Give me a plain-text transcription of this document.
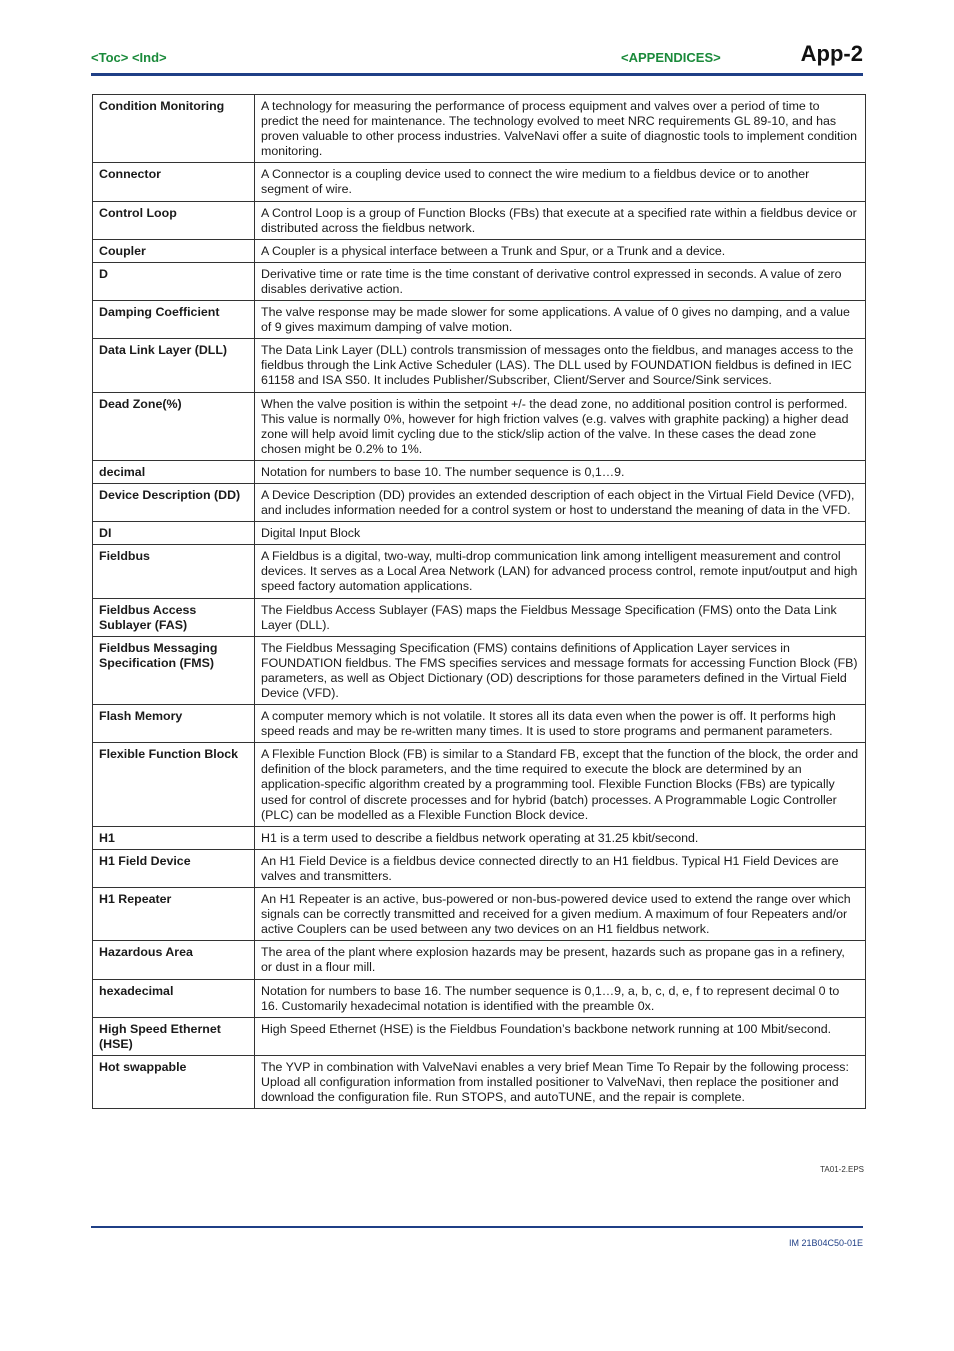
<Toc> <Ind>	<APPENDICES>	App-2
Condition Monitoring	A technology for measuring the performance of process equipment and valves over a period of time to predict the need for maintenance. The technology evolved to meet NRC requirements GL 89-10, and has proven valuable to other process industries. ValveNavi offer a suite of diagnostic tools to implement condition monitoring.
Connector	A Connector is a coupling device used to connect the wire medium to a fieldbus device or to another segment of wire.
Control Loop	A Control Loop is a group of Function Blocks (FBs) that execute at a specified rate within a fieldbus device or distributed across the fieldbus network.
Coupler	A Coupler is a physical interface between a Trunk and Spur, or a Trunk and a device.
D	Derivative time or rate time is the time constant of derivative control expressed in seconds. A value of zero disables derivative action.
Damping Coefficient	The valve response may be made slower for some applications. A value of 0 gives no damping, and a value of 9 gives maximum damping of valve motion.
Data Link Layer (DLL)	The Data Link Layer (DLL) controls transmission of messages onto the fieldbus, and manages access to the fieldbus through the Link Active Scheduler (LAS). The DLL used by FOUNDATION fieldbus is defined in IEC 61158 and ISA S50. It includes Publisher/Subscriber, Client/Server and Source/Sink services.
Dead Zone(%)	When the valve position is within the setpoint +/- the dead zone, no additional position control is performed. This value is normally 0%, however for high friction valves (e.g. valves with graphite packing) a higher dead zone will help avoid limit cycling due to the stick/slip action of the valve. In these cases the dead zone chosen might be 0.2% to 1%.
decimal	Notation for numbers to base 10. The number sequence is 0,1…9.
Device Description (DD)	A Device Description (DD) provides an extended description of each object in the Virtual Field Device (VFD), and includes information needed for a control system or host to understand the meaning of data in the VFD.
DI	Digital Input Block
Fieldbus	A Fieldbus is a digital, two-way, multi-drop communication link among intelligent measurement and control devices. It serves as a Local Area Network (LAN) for advanced process control, remote input/output and high speed factory automation applications.
Fieldbus Access Sublayer (FAS)	The Fieldbus Access Sublayer (FAS) maps the Fieldbus Message Specification (FMS) onto the Data Link Layer (DLL).
Fieldbus Messaging Specification (FMS)	The Fieldbus Messaging Specification (FMS) contains definitions of Application Layer services in FOUNDATION fieldbus. The FMS specifies services and message formats for accessing Function Block (FB) parameters, as well as Object Dictionary (OD) descriptions for those parameters defined in the Virtual Field Device (VFD).
Flash Memory	A computer memory which is not volatile. It stores all its data even when the power is off. It performs high speed reads and may be re-written many times. It is used to store programs and permanent parameters.
Flexible Function Block	A Flexible Function Block (FB) is similar to a Standard FB, except that the function of the block, the order and definition of the block parameters, and the time required to execute the block are determined by an application-specific algorithm created by a programming tool. Flexible Function Blocks (FBs) are typically used for control of discrete processes and for hybrid (batch) processes. A Programmable Logic Controller (PLC) can be modelled as a Flexible Function Block device.
H1	H1 is a term used to describe a fieldbus network operating at 31.25 kbit/second.
H1 Field Device	An H1 Field Device is a fieldbus device connected directly to an H1 fieldbus. Typical H1 Field Devices are valves and transmitters.
H1 Repeater	An H1 Repeater is an active, bus-powered or non-bus-powered device used to extend the range over which signals can be correctly transmitted and received for a given medium. A maximum of four Repeaters and/or active Couplers can be used between any two devices on an H1 fieldbus network.
Hazardous Area	The area of the plant where explosion hazards may be present, hazards such as propane gas in a refinery, or dust in a flour mill.
hexadecimal	Notation for numbers to base 16. The number sequence is 0,1…9, a, b, c, d, e, f to represent decimal 0 to 16. Customarily hexadecimal notation is identified with the preamble 0x.
High Speed Ethernet (HSE)	High Speed Ethernet (HSE) is the Fieldbus Foundation’s backbone network running at 100 Mbit/second.
Hot swappable	The YVP in combination with ValveNavi enables a very brief Mean Time To Repair by the following process: Upload all configuration information from installed positioner to ValveNavi, then replace the positioner and download the configuration file. Run STOPS, and autoTUNE, and the repair is complete.
TA01-2.EPS
IM 21B04C50-01E
